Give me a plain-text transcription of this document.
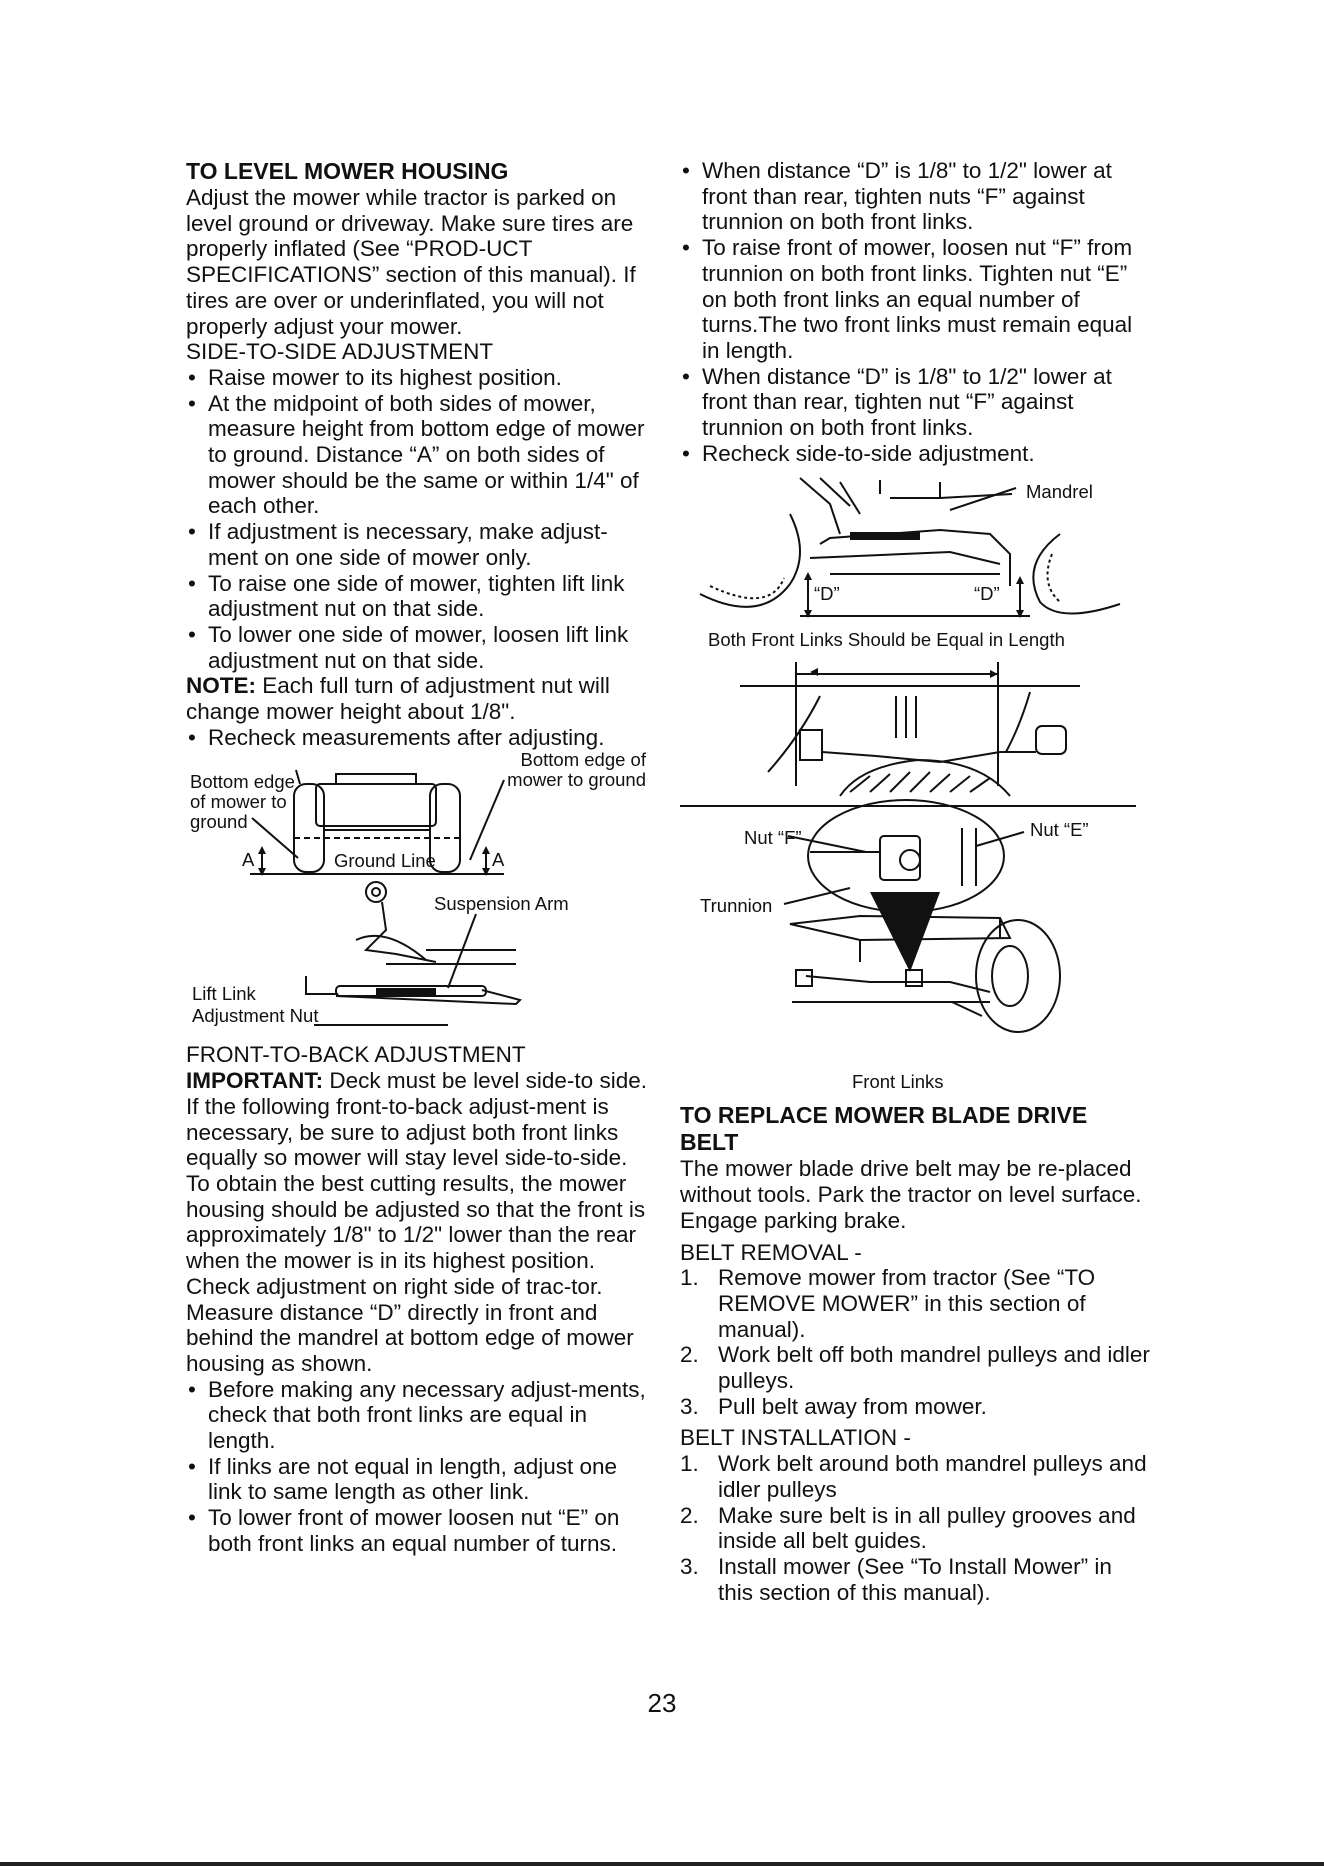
TO LEVEL MOWER HOUSING

Adjust the mower while tractor is parked on level ground or driveway. Make sure tires are properly inflated (See “PROD-UCT SPECIFICATIONS” section of this manual). If tires are over or underinflated, you will not properly adjust your mower.

SIDE-TO-SIDE ADJUSTMENT
• Raise mower to its highest position.
• At the midpoint of both sides of mower, measure height from bottom edge of mower to ground. Distance “A” on both sides of mower should be the same or within 1/4" of each other.
• If adjustment is necessary, make adjust-ment on one side of mower only.
• To raise one side of mower, tighten lift link adjustment nut on that side.
• To lower one side of mower, loosen lift link adjustment nut on that side.

NOTE: Each full turn of adjustment nut will change mower height about 1/8".

• Recheck measurements after adjusting.
Bottom edge of mower to ground
Bottom edge of mower to ground
A	A
Ground Line
Suspension Arm
Lift Link
Adjustment Nut
FRONT-TO-BACK ADJUSTMENT

IMPORTANT: Deck must be level side-to side. If the following front-to-back adjust-ment is necessary, be sure to adjust both front links equally so mower will stay level side-to-side.

To obtain the best cutting results, the mower housing should be adjusted so that the front is approximately 1/8" to 1/2" lower than the rear when the mower is in its highest position.

Check adjustment on right side of trac-tor. Measure distance “D” directly in front and behind the mandrel at bottom edge of mower housing as shown.

• Before making any necessary adjust-ments, check that both front links are equal in length.
• If links are not equal in length, adjust one link to same length as other link.
• To lower front of mower loosen nut “E” on both front links an equal number of turns.
• When distance “D” is 1/8" to 1/2" lower at front than rear, tighten nuts “F” against trunnion on both front links.
• To raise front of mower, loosen nut “F” from trunnion on both front links. Tighten nut “E” on both front links an equal number of turns.The two front links must remain equal in length.
• When distance “D” is 1/8" to 1/2" lower at front than rear, tighten nut “F” against trunnion on both front links.
• Recheck side-to-side adjustment.
Mandrel
“D”	“D”
Both Front Links Should be Equal in Length
Nut “F”	Nut “E”
Trunnion
Front Links
TO REPLACE MOWER BLADE DRIVE BELT

The mower blade drive belt may be re-placed without tools. Park the tractor on level surface. Engage parking brake.

BELT REMOVAL -
1. Remove mower from tractor (See “TO REMOVE MOWER” in this section of manual).
2. Work belt off both mandrel pulleys and idler pulleys.
3. Pull belt away from mower.
BELT INSTALLATION -
1. Work belt around both mandrel pulleys and idler pulleys
2. Make sure belt is in all pulley grooves and inside all belt guides.
3. Install mower (See “To Install Mower” in this section of this manual).
23
